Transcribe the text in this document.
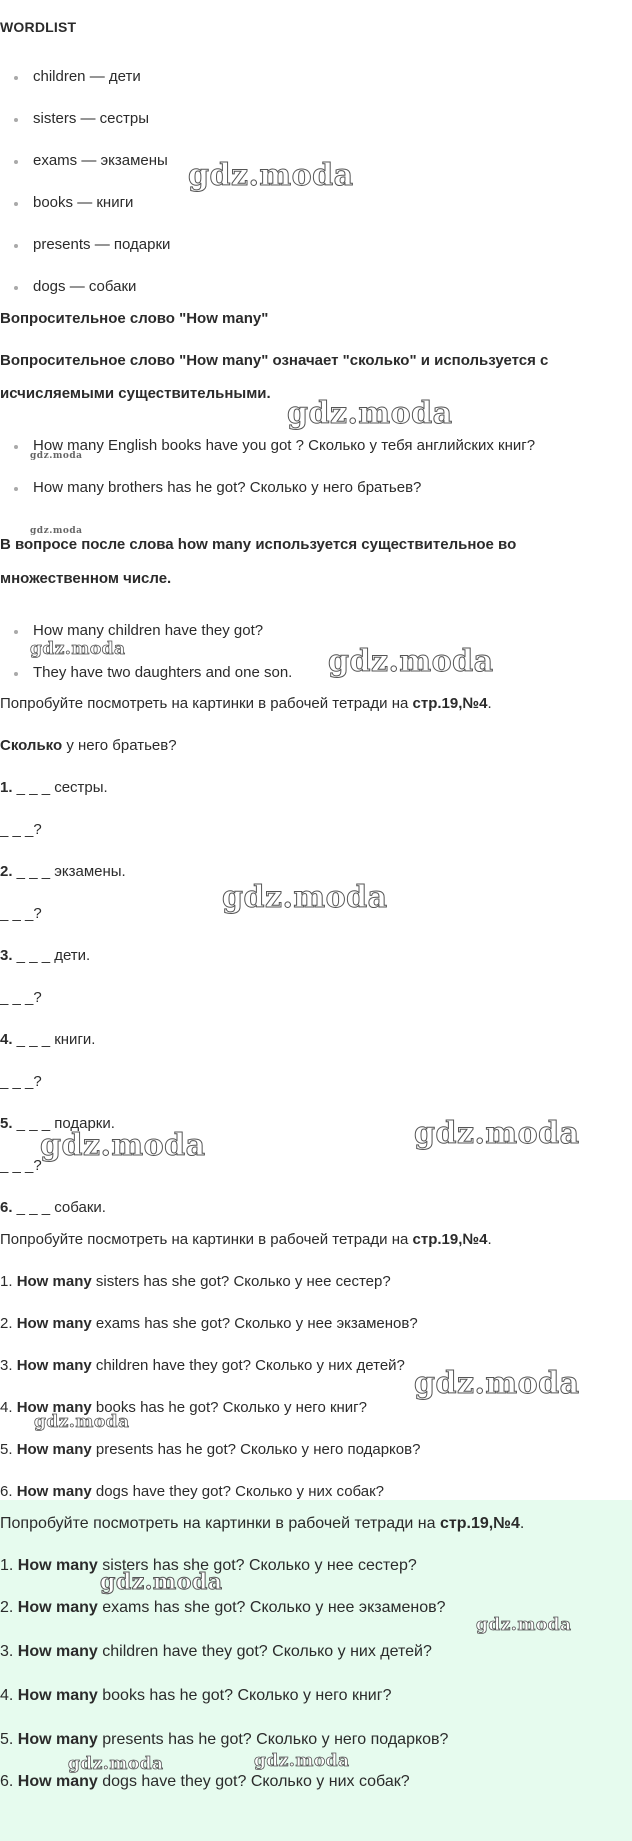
WORDLIST
children — дети
sisters — сестры
exams — экзамены
books — книги
presents — подарки
dogs — собаки
Вопросительное слово "How many"
Вопросительное слово "How many" означает "сколько" и используется с
исчисляемыми существительными.
How many English books have you got ? Сколько у тебя английских книг?
How many brothers has he got? Сколько у него братьев?
В вопросе после слова how many используется существительное во
множественном числе.
How many children have they got?
They have two daughters and one son.
Попробуйте посмотреть на картинки в рабочей тетради на стр.19,№4.
Сколько у него братьев?
1. _ _ _ сестры.
_ _ _?
2. _ _ _ экзамены.
_ _ _?
3. _ _ _ дети.
_ _ _?
4. _ _ _ книги.
_ _ _?
5. _ _ _ подарки.
_ _ _?
6. _ _ _ собаки.
Попробуйте посмотреть на картинки в рабочей тетради на стр.19,№4.
1. How many sisters has she got? Сколько у нее сестер?
2. How many exams has she got? Сколько у нее экзаменов?
3. How many children have they got? Сколько у них детей?
4. How many books has he got? Сколько у него книг?
5. How many presents has he got? Сколько у него подарков?
6. How many dogs have they got? Сколько у них собак?
Попробуйте посмотреть на картинки в рабочей тетради на стр.19,№4.
1. How many sisters has she got? Сколько у нее сестер?
2. How many exams has she got? Сколько у нее экзаменов?
3. How many children have they got? Сколько у них детей?
4. How many books has he got? Сколько у него книг?
5. How many presents has he got? Сколько у него подарков?
6. How many dogs have they got? Сколько у них собак?
gdz.moda
gdz.moda
gdz.moda
gdz.moda
gdz.moda	gdz.moda
gdz.moda
gdz.moda	gdz.moda
gdz.moda
gdz.moda
gdz.moda
gdz.moda
gdz.moda	gdz.moda
